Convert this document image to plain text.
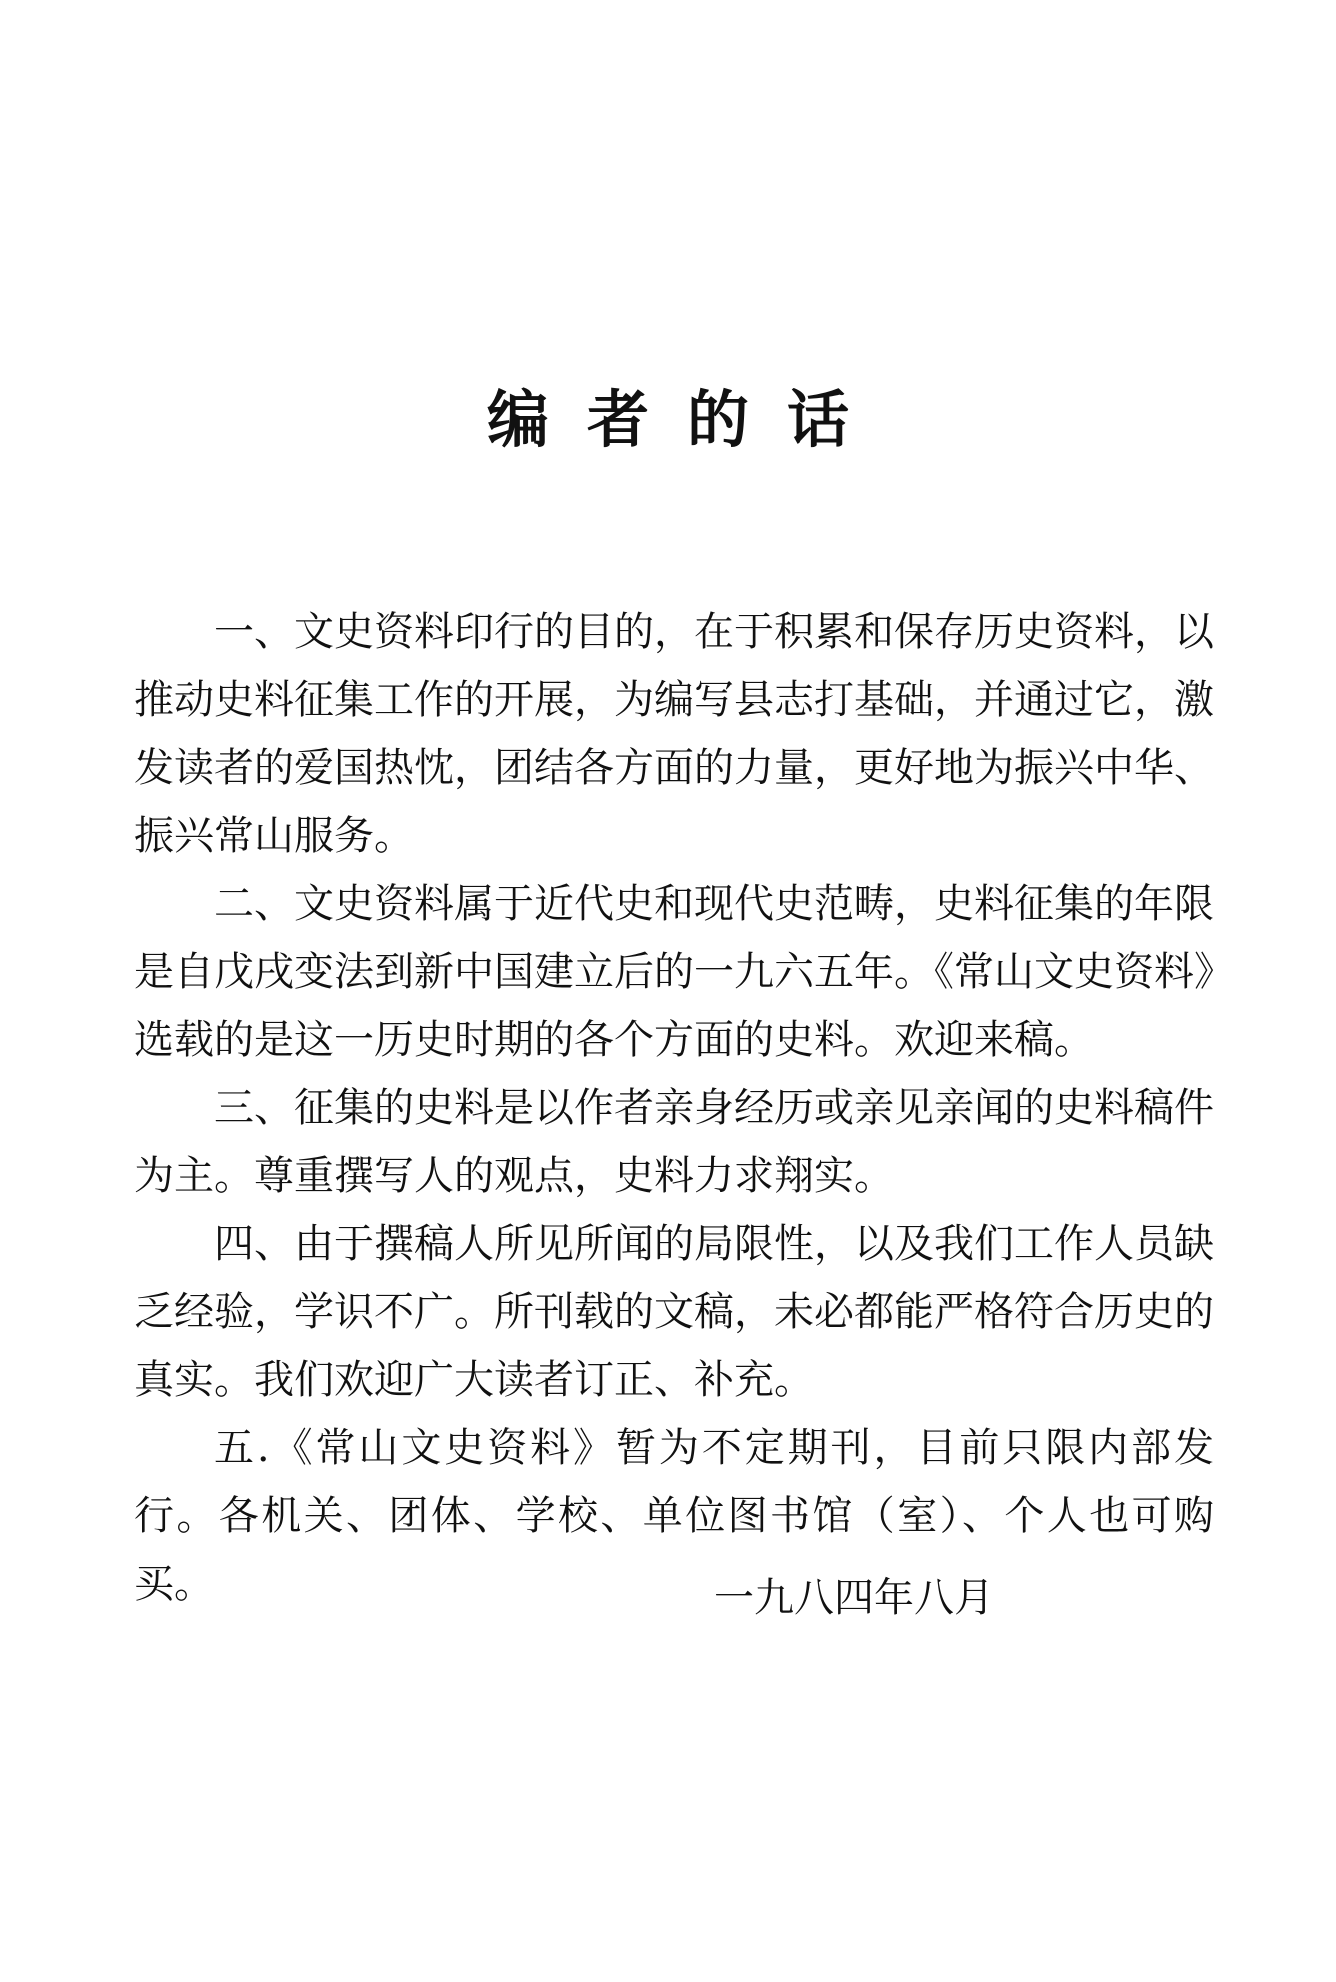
编者的话

一、文史资料印行的目的，在于积累和保存历史资料，以推动史料征集工作的开展，为编写县志打基础，并通过它，激发读者的爱国热忱，团结各方面的力量，更好地为振兴中华、振兴常山服务。

二、文史资料属于近代史和现代史范畴，史料征集的年限是自戊戌变法到新中国建立后的一九六五年。《常山文史资料》选载的是这一历史时期的各个方面的史料。欢迎来稿。

三、征集的史料是以作者亲身经历或亲见亲闻的史料稿件为主。尊重撰写人的观点，史料力求翔实。

四、由于撰稿人所见所闻的局限性，以及我们工作人员缺乏经验，学识不广。所刊载的文稿，未必都能严格符合历史的真实。我们欢迎广大读者订正、补充。

五.《常山文史资料》暂为不定期刊，目前只限内部发行。各机关、团体、学校、单位图书馆（室）、个人也可购买。	一九八四年八月
